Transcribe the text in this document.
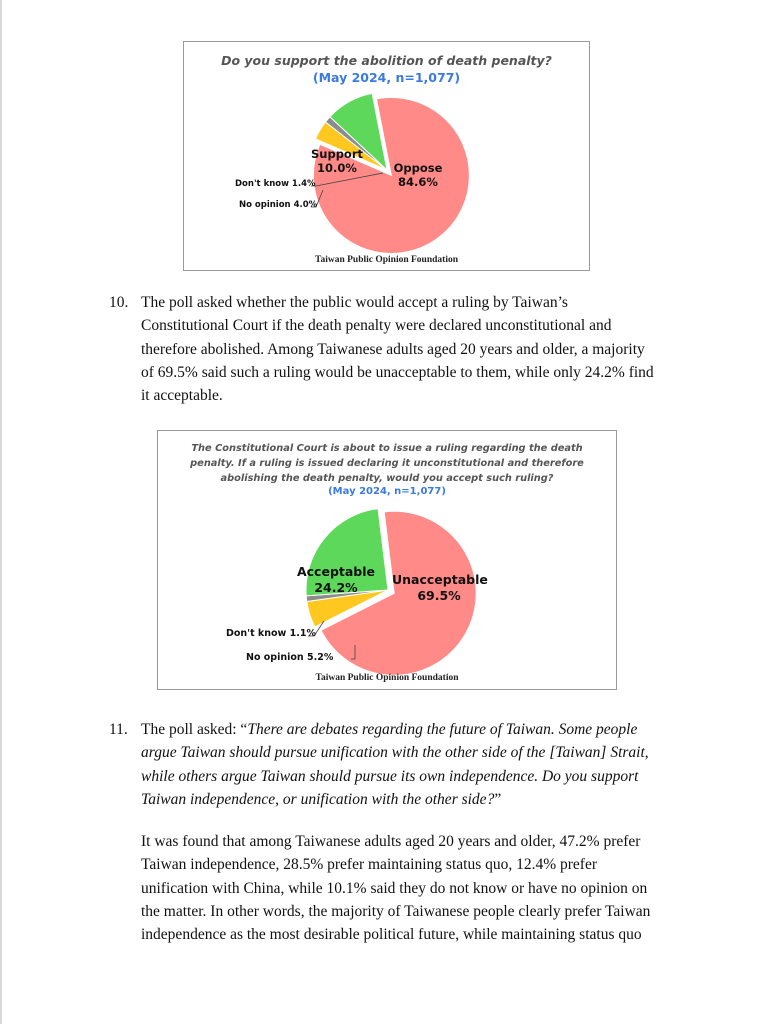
Do you support the abolition of death penalty?
(May 2024, n=1,077)
Support
10.0%	Oppose
84.6%
Don't know 1.4%
No opinion 4.0%
Taiwan Public Opinion Foundation
10. The poll asked whether the public would accept a ruling by Taiwan’s
Constitutional Court if the death penalty were declared unconstitutional and
therefore abolished. Among Taiwanese adults aged 20 years and older, a majority
of 69.5% said such a ruling would be unacceptable to them, while only 24.2% find
it acceptable.
The Constitutional Court is about to issue a ruling regarding the death
penalty. If a ruling is issued declaring it unconstitutional and therefore
abolishing the death penalty, would you accept such ruling?
(May 2024, n=1,077)
Acceptable
24.2%
Unacceptable
69.5%
Don't know 1.1%
No opinion 5.2%
Taiwan Public Opinion Foundation
11. The poll asked: “There are debates regarding the future of Taiwan. Some people
argue Taiwan should pursue unification with the other side of the [Taiwan] Strait,
while others argue Taiwan should pursue its own independence. Do you support
Taiwan independence, or unification with the other side?”
It was found that among Taiwanese adults aged 20 years and older, 47.2% prefer
Taiwan independence, 28.5% prefer maintaining status quo, 12.4% prefer
unification with China, while 10.1% said they do not know or have no opinion on
the matter. In other words, the majority of Taiwanese people clearly prefer Taiwan
independence as the most desirable political future, while maintaining status quo
